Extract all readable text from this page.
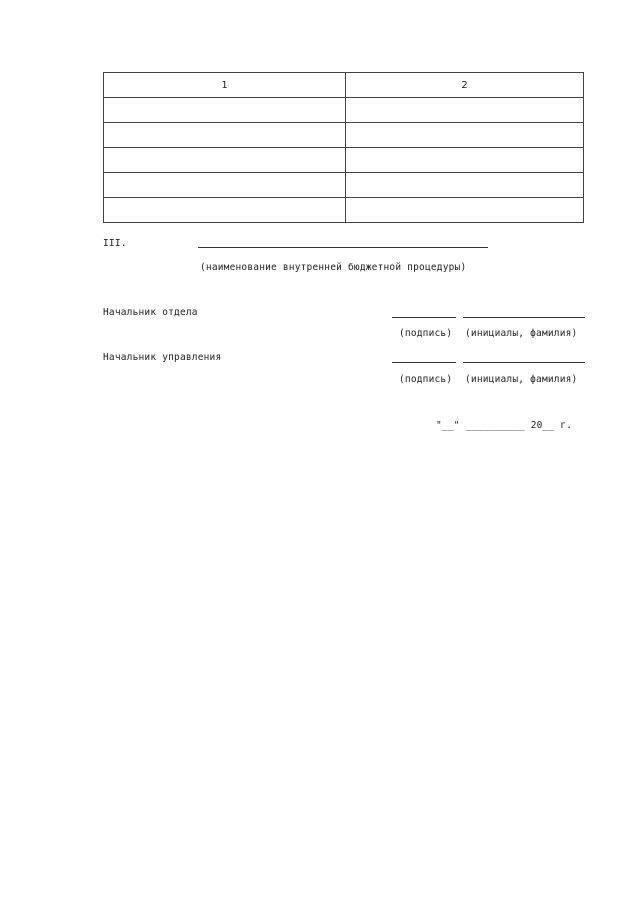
1	2

III.
(наименование внутренней бюджетной процедуры)
Начальник отдела
(подпись) (инициалы, фамилия)
Начальник управления
(подпись) (инициалы, фамилия)
"__" __________ 20__ г.
